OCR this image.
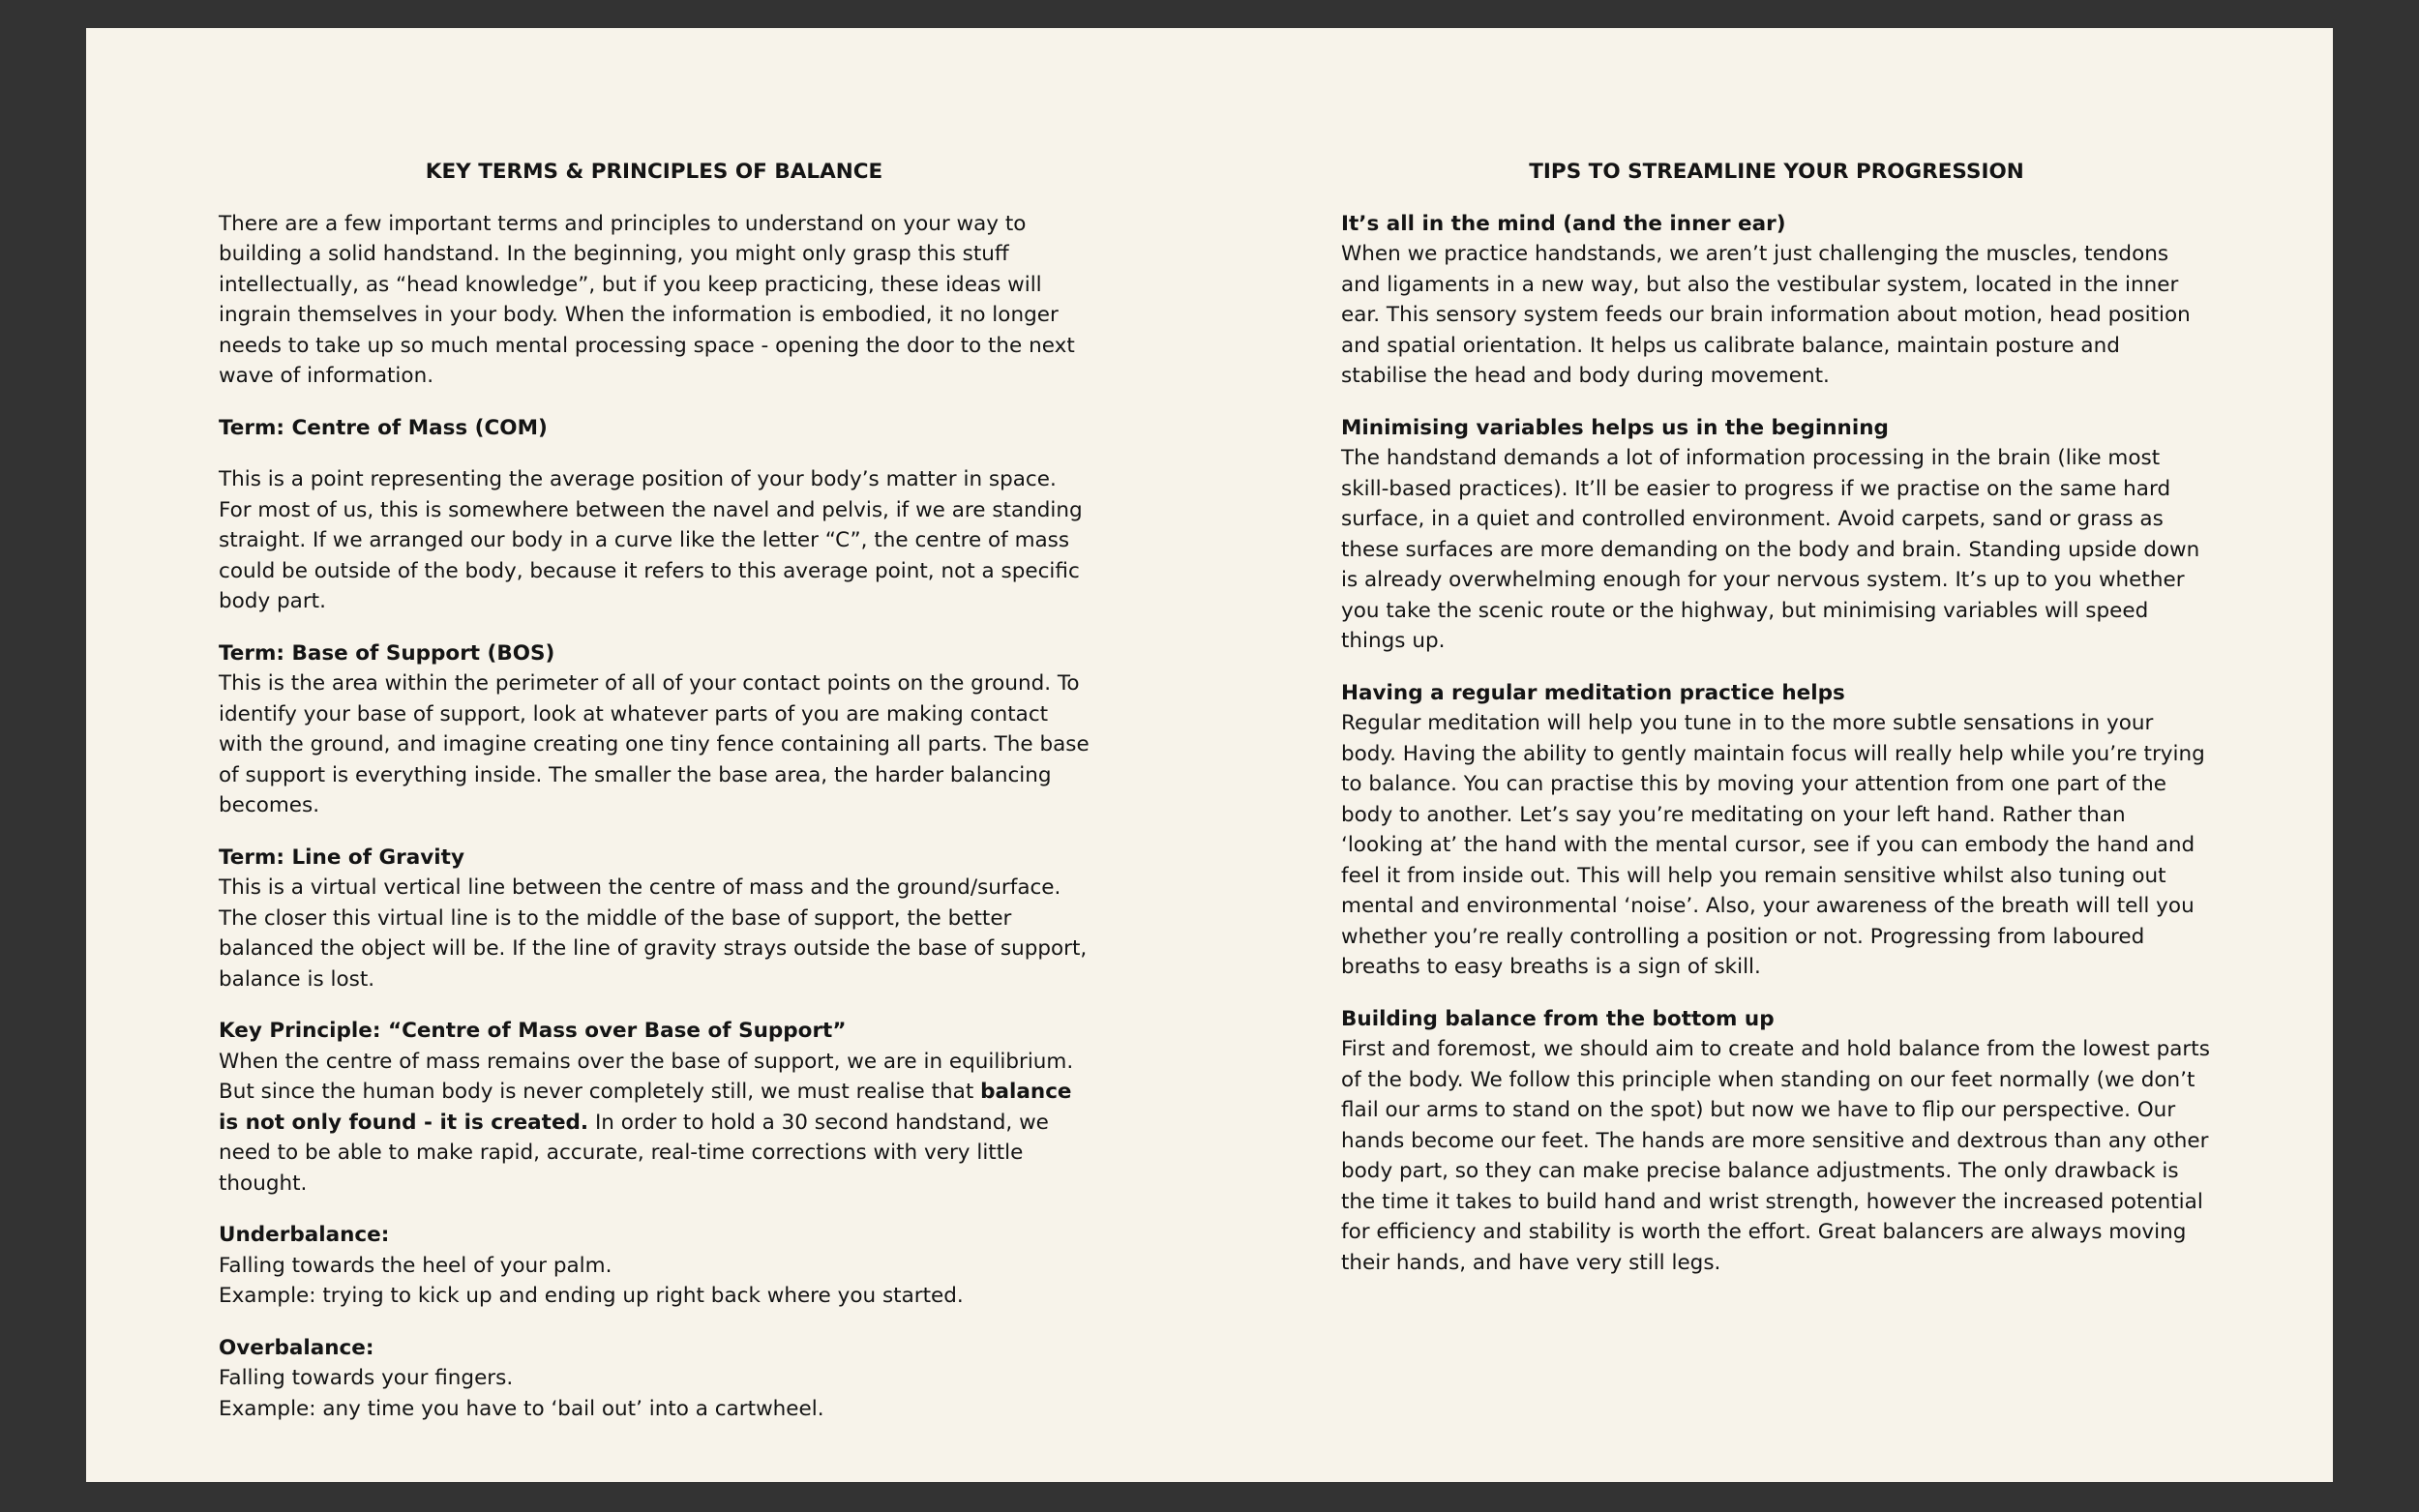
KEY TERMS & PRINCIPLES OF BALANCE

There are a few important terms and principles to understand on your way to building a solid handstand. In the beginning, you might only grasp this stuff intellectually, as “head knowledge”, but if you keep practicing, these ideas will ingrain themselves in your body. When the information is embodied, it no longer needs to take up so much mental processing space - opening the door to the next wave of information.

Term: Centre of Mass (COM)

This is a point representing the average position of your body’s matter in space. For most of us, this is somewhere between the navel and pelvis, if we are standing straight. If we arranged our body in a curve like the letter “C”, the centre of mass could be outside of the body, because it refers to this average point, not a specific body part.

Term: Base of Support (BOS)

This is the area within the perimeter of all of your contact points on the ground. To identify your base of support, look at whatever parts of you are making contact with the ground, and imagine creating one tiny fence containing all parts. The base of support is everything inside. The smaller the base area, the harder balancing becomes.

Term: Line of Gravity

This is a virtual vertical line between the centre of mass and the ground/surface. The closer this virtual line is to the middle of the base of support, the better balanced the object will be. If the line of gravity strays outside the base of support, balance is lost.

Key Principle: “Centre of Mass over Base of Support”

When the centre of mass remains over the base of support, we are in equilibrium. But since the human body is never completely still, we must realise that balance is not only found - it is created. In order to hold a 30 second handstand, we need to be able to make rapid, accurate, real-time corrections with very little thought.

Underbalance:

Falling towards the heel of your palm.

Example: trying to kick up and ending up right back where you started.

Overbalance:

Falling towards your fingers.

Example: any time you have to ‘bail out’ into a cartwheel.

TIPS TO STREAMLINE YOUR PROGRESSION

It’s all in the mind (and the inner ear)

When we practice handstands, we aren’t just challenging the muscles, tendons and ligaments in a new way, but also the vestibular system, located in the inner ear. This sensory system feeds our brain information about motion, head position and spatial orientation. It helps us calibrate balance, maintain posture and stabilise the head and body during movement.

Minimising variables helps us in the beginning

The handstand demands a lot of information processing in the brain (like most skill-based practices). It’ll be easier to progress if we practise on the same hard surface, in a quiet and controlled environment. Avoid carpets, sand or grass as these surfaces are more demanding on the body and brain. Standing upside down is already overwhelming enough for your nervous system. It’s up to you whether you take the scenic route or the highway, but minimising variables will speed things up.

Having a regular meditation practice helps

Regular meditation will help you tune in to the more subtle sensations in your body. Having the ability to gently maintain focus will really help while you’re trying to balance. You can practise this by moving your attention from one part of the body to another. Let’s say you’re meditating on your left hand. Rather than ‘looking at’ the hand with the mental cursor, see if you can embody the hand and feel it from inside out. This will help you remain sensitive whilst also tuning out mental and environmental ‘noise’. Also, your awareness of the breath will tell you whether you’re really controlling a position or not. Progressing from laboured breaths to easy breaths is a sign of skill.

Building balance from the bottom up

First and foremost, we should aim to create and hold balance from the lowest parts of the body. We follow this principle when standing on our feet normally (we don’t flail our arms to stand on the spot) but now we have to flip our perspective. Our hands become our feet. The hands are more sensitive and dextrous than any other body part, so they can make precise balance adjustments. The only drawback is the time it takes to build hand and wrist strength, however the increased potential for efficiency and stability is worth the effort. Great balancers are always moving their hands, and have very still legs.
